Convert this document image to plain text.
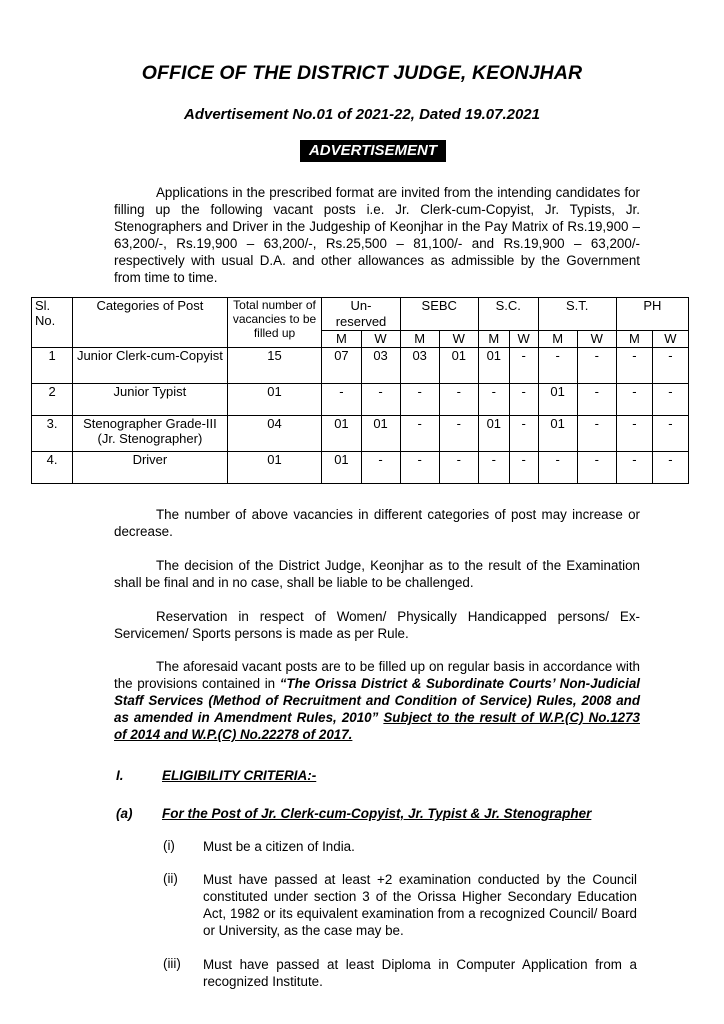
OFFICE OF THE DISTRICT JUDGE, KEONJHAR
Advertisement No.01 of 2021-22, Dated 19.07.2021
ADVERTISEMENT
Applications in the prescribed format are invited from the intending candidates for filling up the following vacant posts i.e. Jr. Clerk-cum-Copyist, Jr. Typists, Jr. Stenographers and Driver in the Judgeship of Keonjhar in the Pay Matrix of Rs.19,900 – 63,200/-, Rs.19,900 – 63,200/-, Rs.25,500 – 81,100/- and Rs.19,900 – 63,200/- respectively with usual D.A. and other allowances as admissible by the Government from time to time.
Sl. No.	Categories of Post	Total number of vacancies to be filled up	Un-reserved		SEBC		S.C.		S.T.		PH	
			M	W	M	W	M	W	M	W	M	W
1	Junior Clerk-cum-Copyist	15	07	03	03	01	01	-	-	-	-	-
2	Junior Typist	01	-	-	-	-	-	-	01	-	-	-
3.	Stenographer Grade-III (Jr. Stenographer)	04	01	01	-	-	01	-	01	-	-	-
4.	Driver	01	01	-	-	-	-	-	-	-	-	-
The number of above vacancies in different categories of post may increase or decrease.
The decision of the District Judge, Keonjhar as to the result of the Examination shall be final and in no case, shall be liable to be challenged.
Reservation in respect of Women/ Physically Handicapped persons/ Ex-Servicemen/ Sports persons is made as per Rule.
The aforesaid vacant posts are to be filled up on regular basis in accordance with the provisions contained in “The Orissa District & Subordinate Courts’ Non-Judicial Staff Services (Method of Recruitment and Condition of Service) Rules, 2008 and as amended in Amendment Rules, 2010” Subject to the result of W.P.(C) No.1273 of 2014 and W.P.(C) No.22278 of 2017.
I.	ELIGIBILITY CRITERIA:-
(a) For the Post of Jr. Clerk-cum-Copyist, Jr. Typist & Jr. Stenographer
(i) Must be a citizen of India.
(ii) Must have passed at least +2 examination conducted by the Council constituted under section 3 of the Orissa Higher Secondary Education Act, 1982 or its equivalent examination from a recognized Council/ Board or University, as the case may be.
(iii) Must have passed at least Diploma in Computer Application from a recognized Institute.
